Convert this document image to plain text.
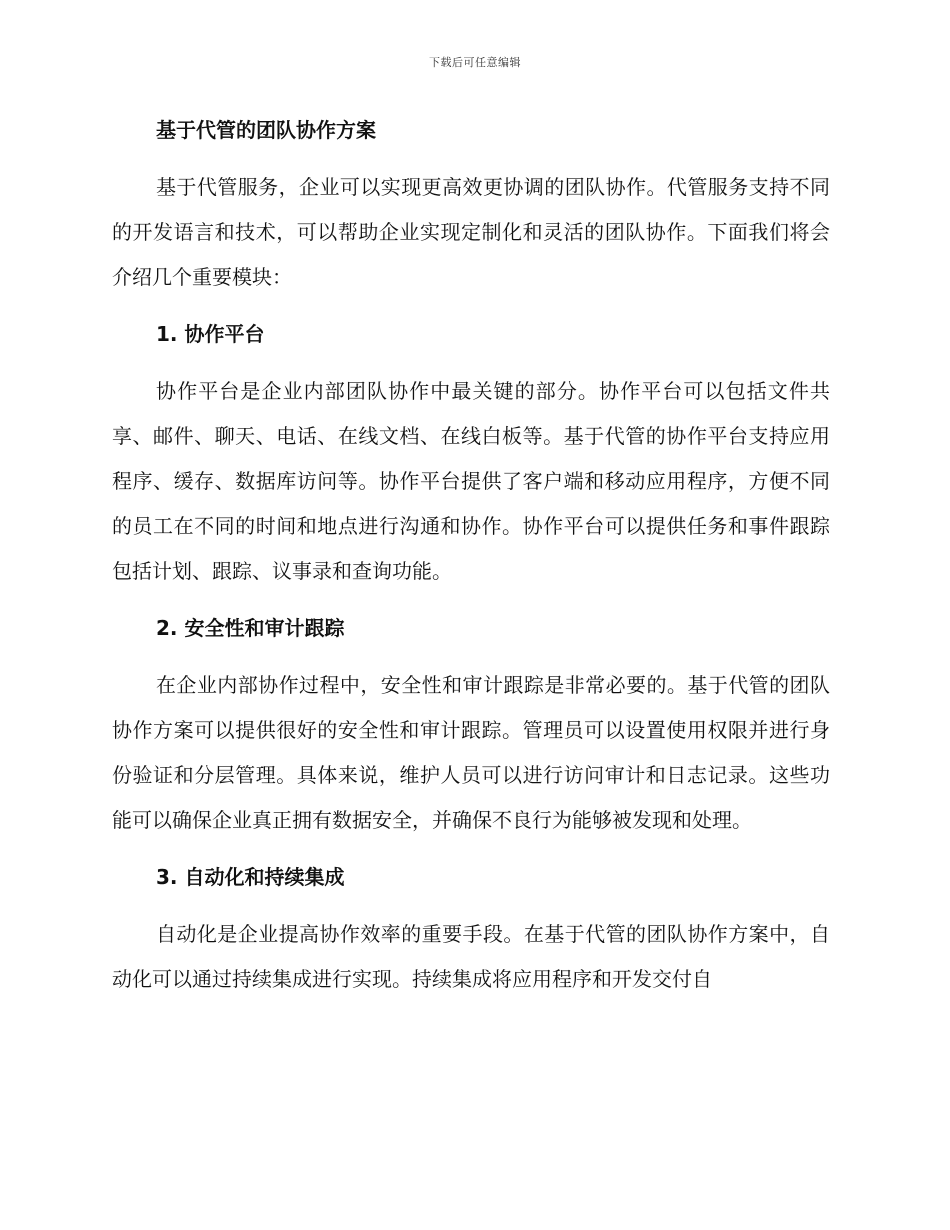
下载后可任意编辑

基于代管的团队协作方案

基于代管服务，企业可以实现更高效更协调的团队协作。代管服务支持不同的开发语言和技术，可以帮助企业实现定制化和灵活的团队协作。下面我们将会介绍几个重要模块：

1. 协作平台

协作平台是企业内部团队协作中最关键的部分。协作平台可以包括文件共享、邮件、聊天、电话、在线文档、在线白板等。基于代管的协作平台支持应用程序、缓存、数据库访问等。协作平台提供了客户端和移动应用程序，方便不同的员工在不同的时间和地点进行沟通和协作。协作平台可以提供任务和事件跟踪包括计划、跟踪、议事录和查询功能。

2. 安全性和审计跟踪

在企业内部协作过程中，安全性和审计跟踪是非常必要的。基于代管的团队协作方案可以提供很好的安全性和审计跟踪。管理员可以设置使用权限并进行身份验证和分层管理。具体来说，维护人员可以进行访问审计和日志记录。这些功能可以确保企业真正拥有数据安全，并确保不良行为能够被发现和处理。

3. 自动化和持续集成

自动化是企业提高协作效率的重要手段。在基于代管的团队协作方案中，自动化可以通过持续集成进行实现。持续集成将应用程序和开发交付自
